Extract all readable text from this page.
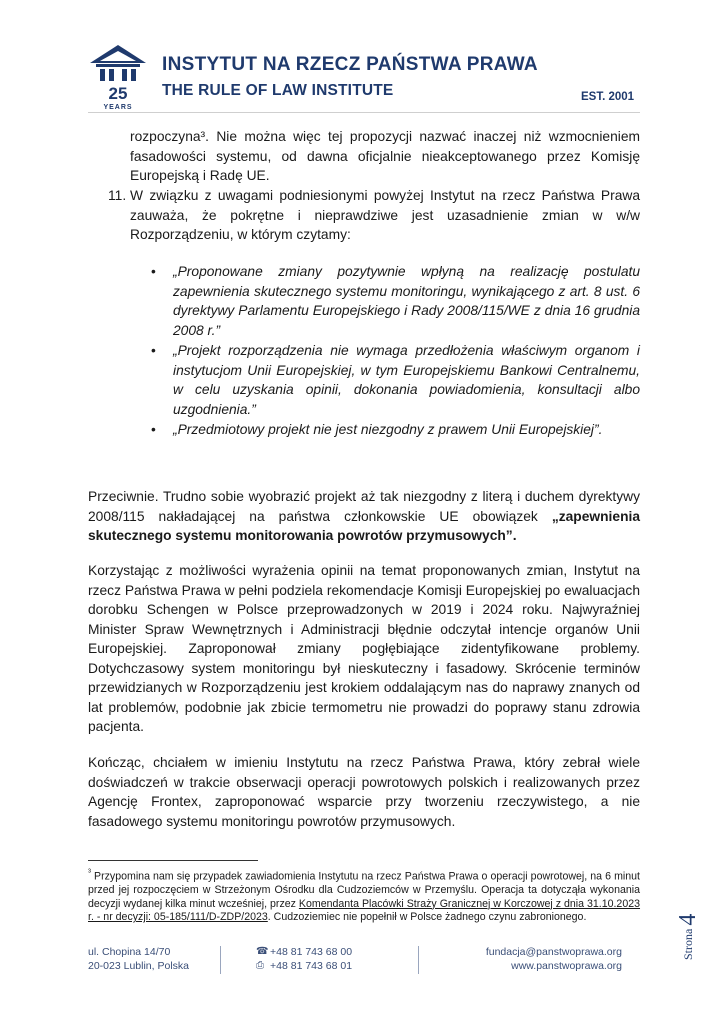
25
YEARS
INSTYTUT NA RZECZ PAŃSTWA PRAWA
THE RULE OF LAW INSTITUTE	EST. 2001
rozpoczyna³. Nie można więc tej propozycji nazwać inaczej niż wzmocnieniem fasadowości systemu, od dawna oficjalnie nieakceptowanego przez Komisję Europejską i Radę UE.
11. W związku z uwagami podniesionymi powyżej Instytut na rzecz Państwa Prawa zauważa, że pokrętne i nieprawdziwe jest uzasadnienie zmian w w/w Rozporządzeniu, w którym czytamy:
• „Proponowane zmiany pozytywnie wpłyną na realizację postulatu zapewnienia skutecznego systemu monitoringu, wynikającego z art. 8 ust. 6 dyrektywy Parlamentu Europejskiego i Rady 2008/115/WE z dnia 16 grudnia 2008 r.”
• „Projekt rozporządzenia nie wymaga przedłożenia właściwym organom i instytucjom Unii Europejskiej, w tym Europejskiemu Bankowi Centralnemu, w celu uzyskania opinii, dokonania powiadomienia, konsultacji albo uzgodnienia.”
• „Przedmiotowy projekt nie jest niezgodny z prawem Unii Europejskiej”.
Przeciwnie. Trudno sobie wyobrazić projekt aż tak niezgodny z literą i duchem dyrektywy 2008/115 nakładającej na państwa członkowskie UE obowiązek „zapewnienia skutecznego systemu monitorowania powrotów przymusowych”.
Korzystając z możliwości wyrażenia opinii na temat proponowanych zmian, Instytut na rzecz Państwa Prawa w pełni podziela rekomendacje Komisji Europejskiej po ewaluacjach dorobku Schengen w Polsce przeprowadzonych w 2019 i 2024 roku. Najwyraźniej Minister Spraw Wewnętrznych i Administracji błędnie odczytał intencje organów Unii Europejskiej. Zaproponował zmiany pogłębiające zidentyfikowane problemy. Dotychczasowy system monitoringu był nieskuteczny i fasadowy. Skrócenie terminów przewidzianych w Rozporządzeniu jest krokiem oddalającym nas do naprawy znanych od lat problemów, podobnie jak zbicie termometru nie prowadzi do poprawy stanu zdrowia pacjenta.
Kończąc, chciałem w imieniu Instytutu na rzecz Państwa Prawa, który zebrał wiele doświadczeń w trakcie obserwacji operacji powrotowych polskich i realizowanych przez Agencję Frontex, zaproponować wsparcie przy tworzeniu rzeczywistego, a nie fasadowego systemu monitoringu powrotów przymusowych.
$^{^3}$ Przypomina nam się przypadek zawiadomienia Instytutu na rzecz Państwa Prawa o operacji powrotowej, na 6 minut przed jej rozpoczęciem w Strzeżonym Ośrodku dla Cudzoziemców w Przemyślu. Operacja ta dotycząła wykonania decyzji wydanej kilka minut wcześniej, przez Komendanta Placówki Straży Granicznej w Korczowej z dnia 31.10.2023 r. - nr decyzji: 05-185/111/D-ZDP/2023. Cudzoziemiec nie popełnił w Polsce żadnego czynu zabronionego.
Strona
4
ul. Chopina 14/70
20-023 Lublin, Polska
☎ +48 81 743 68 00
⎙ +48 81 743 68 01
fundacja@panstwoprawa.org
www.panstwoprawa.org
